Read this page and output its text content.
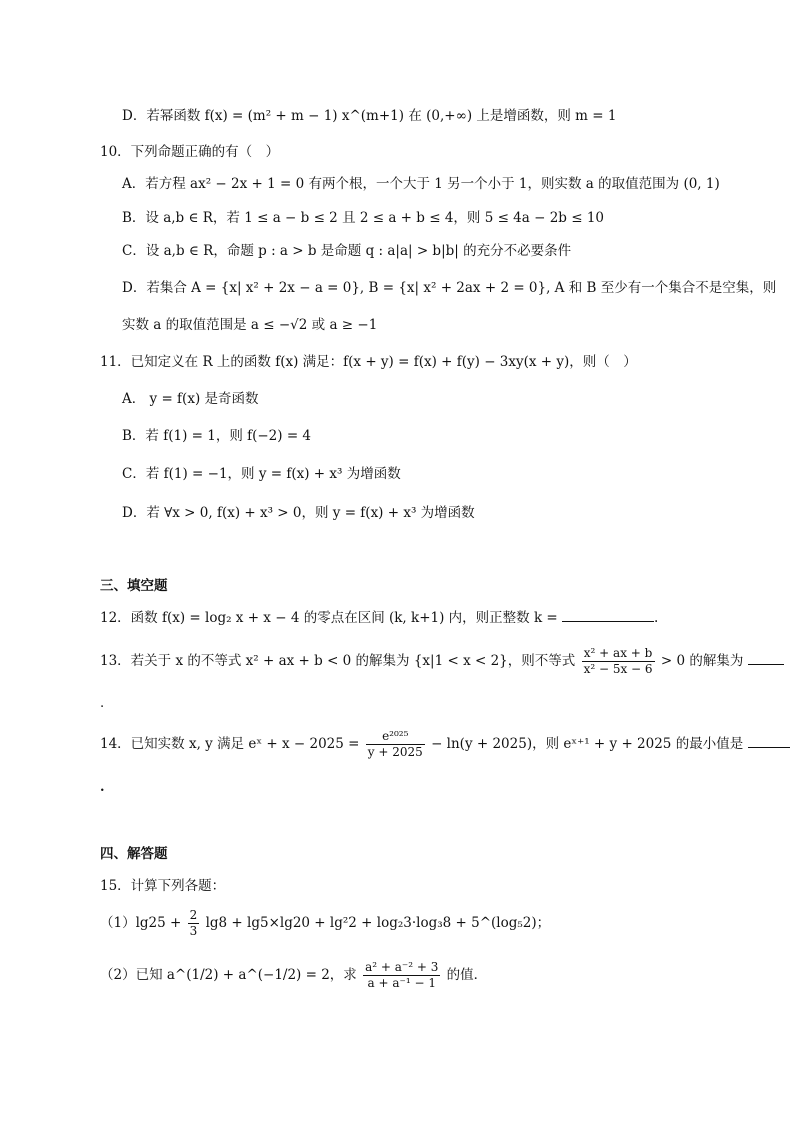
D．若幂函数 f(x) = (m² + m − 1) x^(m+1) 在 (0,+∞) 上是增函数，则 m = 1
10．下列命题正确的有（　）
A．若方程 ax² − 2x + 1 = 0 有两个根，一个大于 1 另一个小于 1，则实数 a 的取值范围为 (0, 1)
B．设 a,b ∈ R，若 1 ≤ a − b ≤ 2 且 2 ≤ a + b ≤ 4，则 5 ≤ 4a − 2b ≤ 10
C．设 a,b ∈ R，命题 p : a > b 是命题 q : a|a| > b|b| 的充分不必要条件
D．若集合 A = {x| x² + 2x − a = 0}, B = {x| x² + 2ax + 2 = 0}, A 和 B 至少有一个集合不是空集，则
实数 a 的取值范围是 a ≤ −√2 或 a ≥ −1
11．已知定义在 R 上的函数 f(x) 满足：f(x + y) = f(x) + f(y) − 3xy(x + y)，则（　）
A． y = f(x) 是奇函数
B．若 f(1) = 1，则 f(−2) = 4
C．若 f(1) = −1，则 y = f(x) + x³ 为增函数
D．若 ∀x > 0, f(x) + x³ > 0，则 y = f(x) + x³ 为增函数
三、填空题
12．函数 f(x) = log₂ x + x − 4 的零点在区间 (k, k+1) 内，则正整数 k =	.
13．若关于 x 的不等式 x² + ax + b < 0 的解集为 {x|1 < x < 2}，则不等式 $\frac{\text{x² + ax + b}}{\text{x² − 5x − 6}} > 0$ 的解集为
.
14．已知实数 x, y 满足 eˣ + $x - 2025 = \frac{\text{e²⁰²⁵}}{y + 2025} - \ln(y + 2025)$，则 eˣ⁺¹ + y + 2025 的最小值是
.
四、解答题
15．计算下列各题：
$(1)\lg 25 + \frac{2}{3} \lg 8 + \lg 5\times\lg 20 + \lg^22 + \log_23\cdot\log_38$ + 5^(log₅2)；
（2）已知 a^(1/2) + a^(−1/2) = 2，求 $\frac{\text{a² + a⁻² + 3}}{\text{a + a⁻¹ − 1}}$ 的值．
